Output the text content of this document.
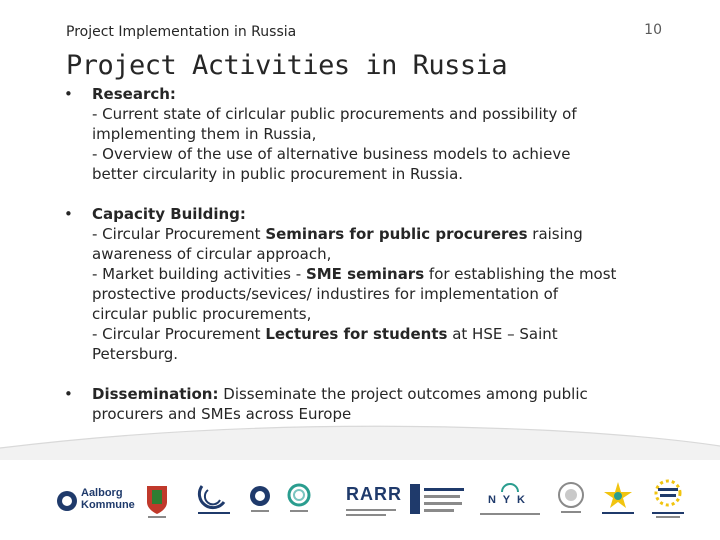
Project Implementation in Russia	10
Project Activities in Russia
• Research:
- Current state of cirlcular public procurements and possibility of
implementing them in Russia,
- Overview of the use of alternative business models to achieve
better circularity in public procurement in Russia.
• Capacity Building:
- Circular Procurement Seminars for public procureres raising
awareness of circular approach,
- Market building activities - SME seminars for establishing the most
prostective products/sevices/ industires for implementation of
circular public procurements,
- Circular Procurement Lectures for students at HSE – Saint
Petersburg.
• Dissemination: Disseminate the project outcomes among public
procurers and SMEs across Europe
Aalborg
Kommune
RARR	N Y K
